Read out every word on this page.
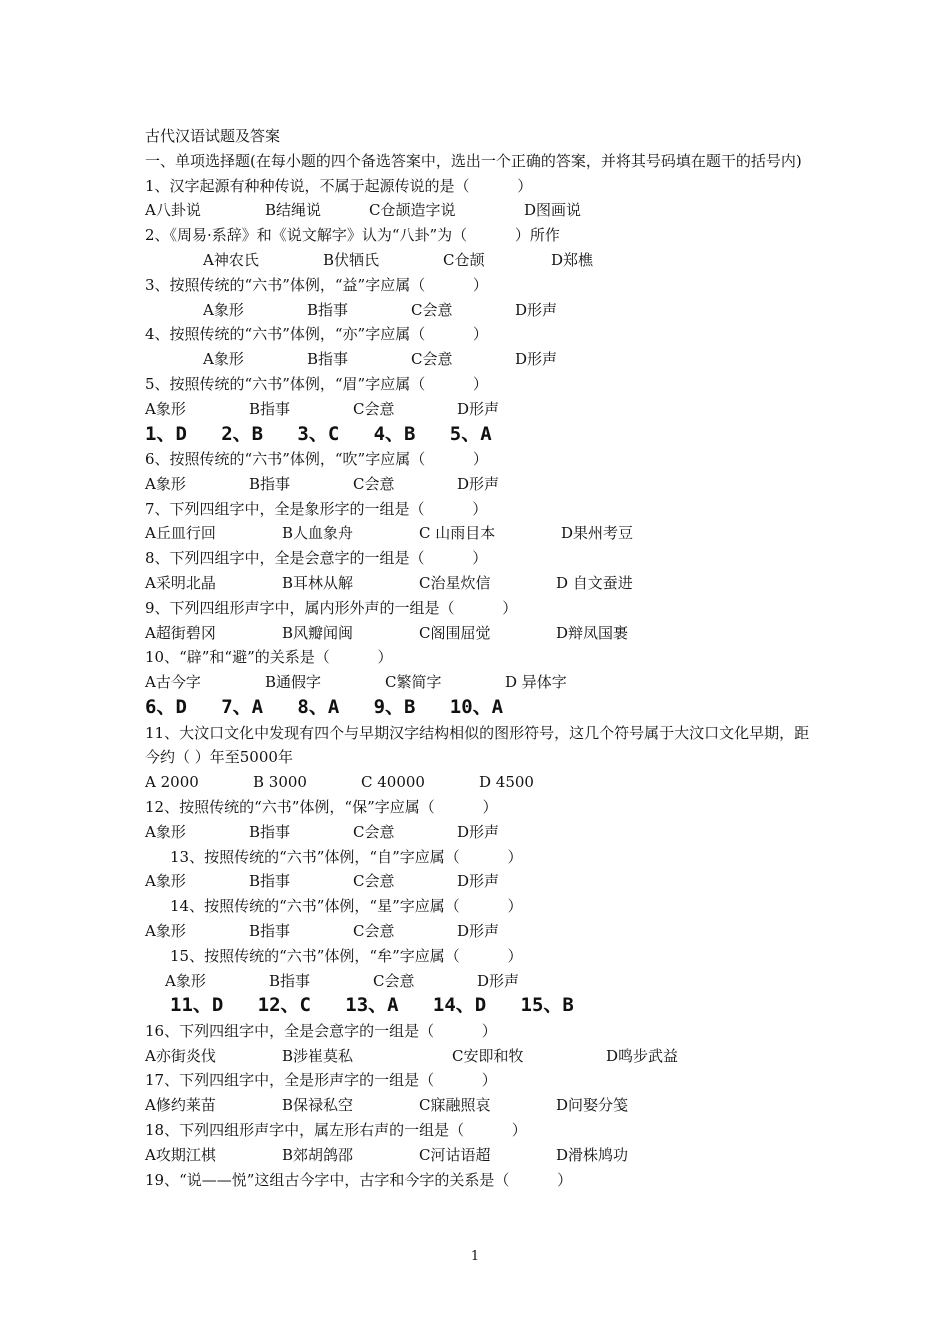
古代汉语试题及答案
一、单项选择题(在每小题的四个备选答案中，选出一个正确的答案，并将其号码填在题干的括号内)
1、汉字起源有种种传说，不属于起源传说的是（          ）
A八卦说	B结绳说	C仓颉造字说	D图画说
2、《周易·系辞》和《说文解字》认为“八卦”为（          ）所作
A神农氏	B伏牺氏	C仓颉	D郑樵
3、按照传统的“六书”体例，“益”字应属（          ）
A象形	B指事	C会意	D形声
4、按照传统的“六书”体例，“亦”字应属（          ）
A象形	B指事	C会意	D形声
5、按照传统的“六书”体例，“眉”字应属（          ）
A象形	B指事	C会意	D形声
1、D   2、B   3、C   4、B   5、A
6、按照传统的“六书”体例，“吹”字应属（          ）
A象形	B指事	C会意	D形声
7、下列四组字中，全是象形字的一组是（          ）
A丘皿行回	B人血象舟	C 山雨目本	D果州考豆
8、下列四组字中，全是会意字的一组是（          ）
A采明北晶	B耳林从解	C治星炊信	D 自文蚕进
9、下列四组形声字中，属内形外声的一组是（          ）
A超街碧冈	B风瓣闻闽	C阁围屈觉	D辩凤国裹
10、“辟”和“避”的关系是（          ）
A古今字	B通假字	C繁简字	D 异体字
6、D   7、A   8、A   9、B   10、A
11、大汶口文化中发现有四个与早期汉字结构相似的图形符号，这几个符号属于大汶口文化早期，距今约（ ）年至5000年
A 2000	B 3000	C 40000	D 4500
12、按照传统的“六书”体例，“保”字应属（          ）
A象形	B指事	C会意	D形声
13、按照传统的“六书”体例，“自”字应属（          ）
A象形	B指事	C会意	D形声
14、按照传统的“六书”体例，“星”字应属（          ）
A象形	B指事	C会意	D形声
15、按照传统的“六书”体例，“牟”字应属（          ）
A象形	B指事	C会意	D形声
11、D   12、C   13、A   14、D   15、B
16、下列四组字中，全是会意字的一组是（          ）
A亦街炎伐	B涉崔莫私	C安即和牧	D鸣步武益
17、下列四组字中，全是形声字的一组是（          ）
A修约莱苗	B保禄私空	C寐融照哀	D问娶分笺
18、下列四组形声字中，属左形右声的一组是（          ）
A攻期江棋	B郊胡鸽邵	C河诂语超	D滑株鸠功
19、“说——悦”这组古今字中，古字和今字的关系是（          ）
1
